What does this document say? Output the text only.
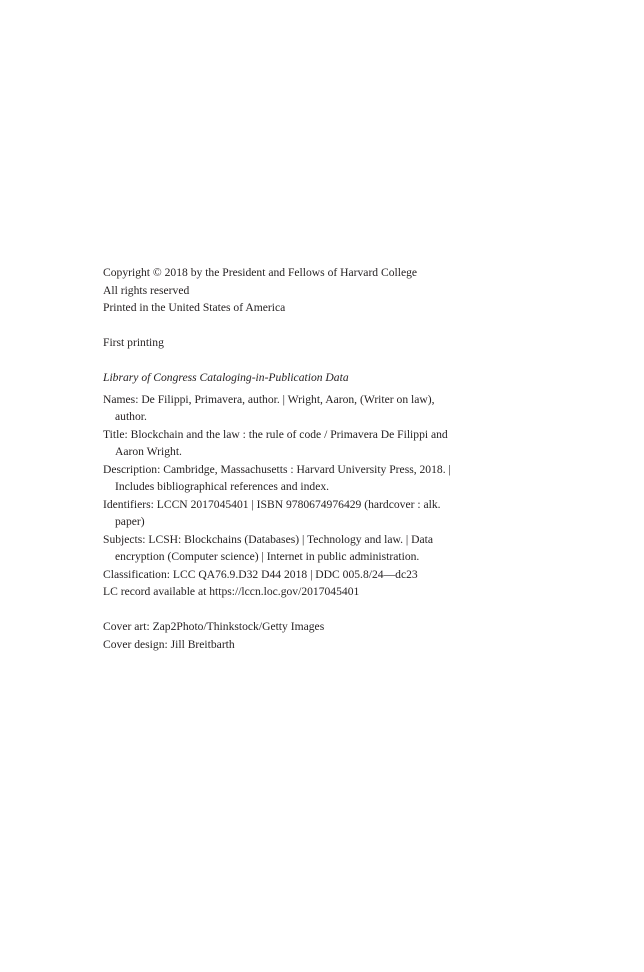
Copyright © 2018 by the President and Fellows of Harvard College
All rights reserved
Printed in the United States of America
First printing
Library of Congress Cataloging-in-Publication Data
Names: De Filippi, Primavera, author. | Wright, Aaron, (Writer on law), author.
Title: Blockchain and the law : the rule of code / Primavera De Filippi and Aaron Wright.
Description: Cambridge, Massachusetts : Harvard University Press, 2018. | Includes bibliographical references and index.
Identifiers: LCCN 2017045401 | ISBN 9780674976429 (hardcover : alk. paper)
Subjects: LCSH: Blockchains (Databases) | Technology and law. | Data encryption (Computer science) | Internet in public administration.
Classification: LCC QA76.9.D32 D44 2018 | DDC 005.8/24—dc23
LC record available at https://lccn.loc.gov/2017045401
Cover art: Zap2Photo/Thinkstock/Getty Images
Cover design: Jill Breitbarth
